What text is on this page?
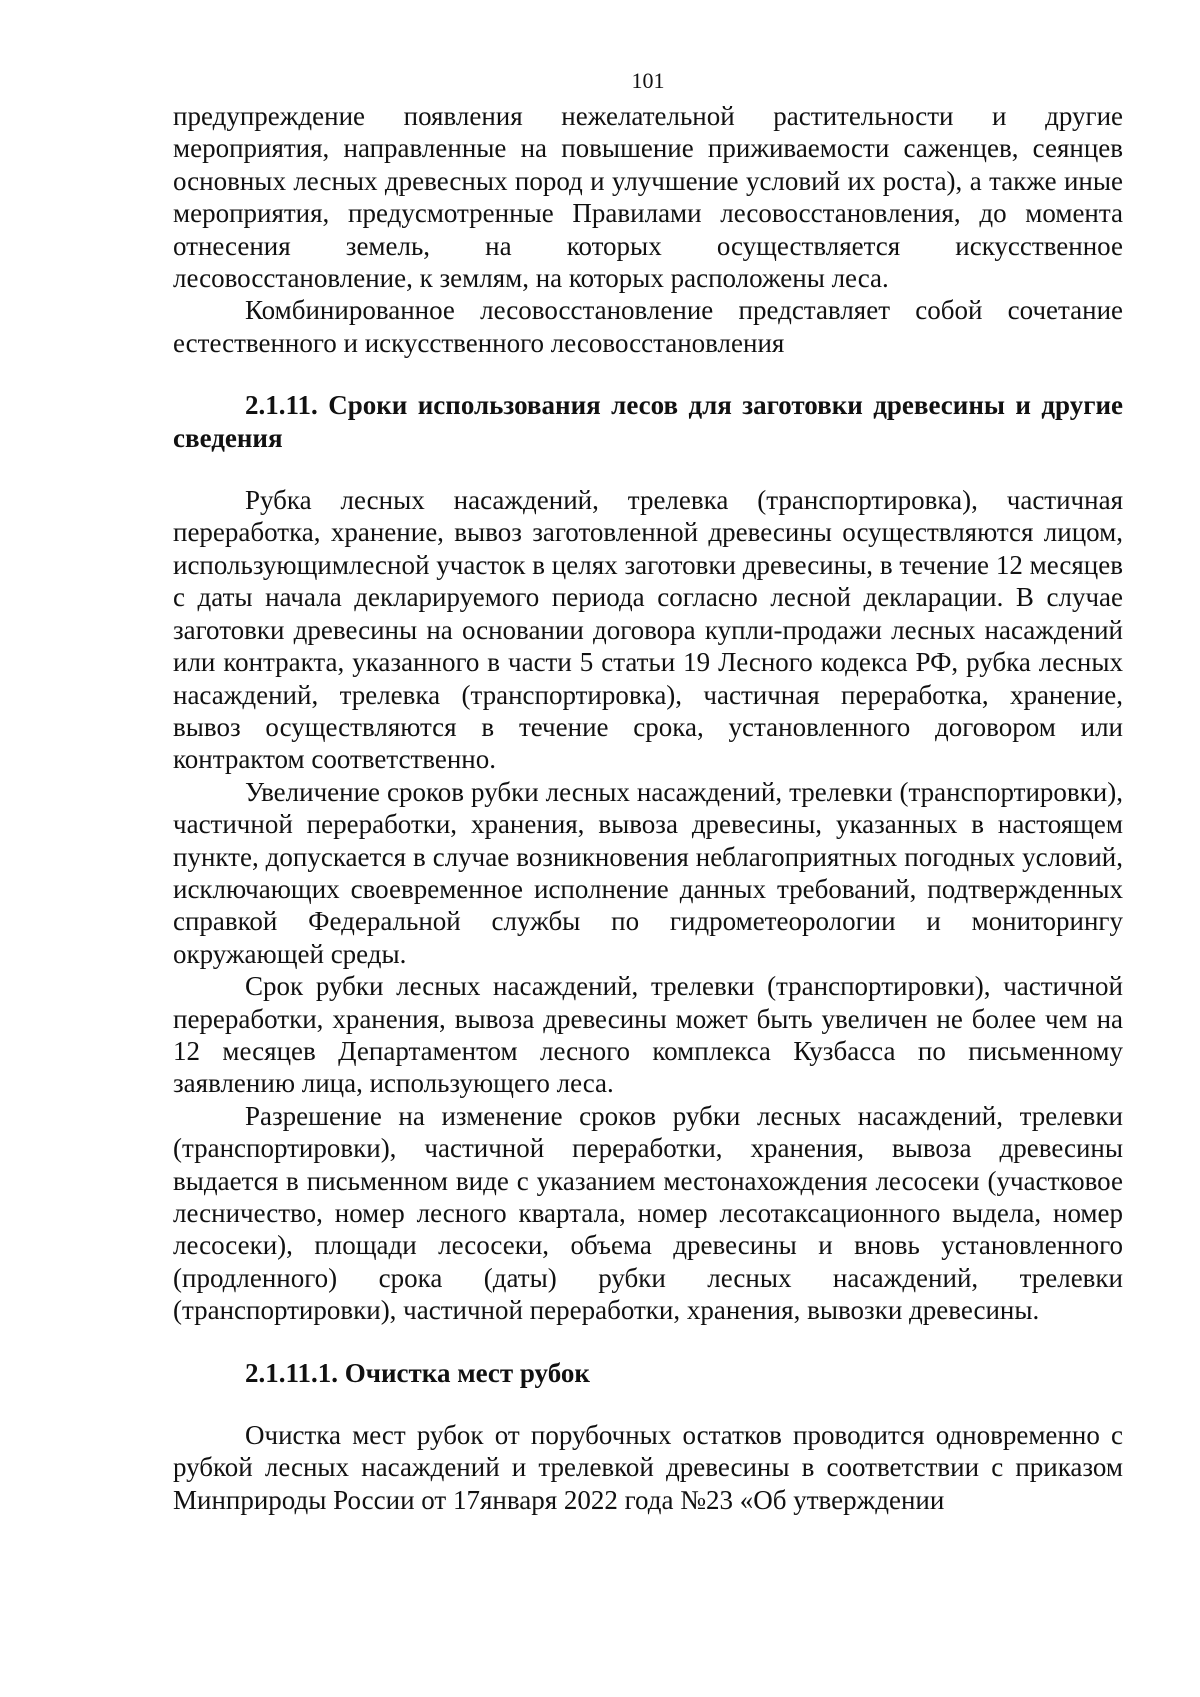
101

предупреждение появления нежелательной растительности и другие мероприятия, направленные на повышение приживаемости саженцев, сеянцев основных лесных древесных пород и улучшение условий их роста), а также иные мероприятия, предусмотренные Правилами лесовосстановления, до момента отнесения земель, на которых осуществляется искусственное лесовосстановление, к землям, на которых расположены леса.

Комбинированное лесовосстановление представляет собой сочетание естественного и искусственного лесовосстановления

2.1.11. Сроки использования лесов для заготовки древесины и другие сведения

Рубка лесных насаждений, трелевка (транспортировка), частичная переработка, хранение, вывоз заготовленной древесины осуществляются лицом, использующимлесной участок в целях заготовки древесины, в течение 12 месяцев с даты начала декларируемого периода согласно лесной декларации. В случае заготовки древесины на основании договора купли-продажи лесных насаждений или контракта, указанного в части 5 статьи 19 Лесного кодекса РФ, рубка лесных насаждений, трелевка (транспортировка), частичная переработка, хранение, вывоз осуществляются в течение срока, установленного договором или контрактом соответственно.

Увеличение сроков рубки лесных насаждений, трелевки (транспортировки), частичной переработки, хранения, вывоза древесины, указанных в настоящем пункте, допускается в случае возникновения неблагоприятных погодных условий, исключающих своевременное исполнение данных требований, подтвержденных справкой Федеральной службы по гидрометеорологии и мониторингу окружающей среды.

Срок рубки лесных насаждений, трелевки (транспортировки), частичной переработки, хранения, вывоза древесины может быть увеличен не более чем на 12 месяцев Департаментом лесного комплекса Кузбасса по письменному заявлению лица, использующего леса.

Разрешение на изменение сроков рубки лесных насаждений, трелевки (транспортировки), частичной переработки, хранения, вывоза древесины выдается в письменном виде с указанием местонахождения лесосеки (участковое лесничество, номер лесного квартала, номер лесотаксационного выдела, номер лесосеки), площади лесосеки, объема древесины и вновь установленного (продленного) срока (даты) рубки лесных насаждений, трелевки (транспортировки), частичной переработки, хранения, вывозки древесины.

2.1.11.1. Очистка мест рубок

Очистка мест рубок от порубочных остатков проводится одновременно с рубкой лесных насаждений и трелевкой древесины в соответствии с приказом Минприроды России от 17января 2022 года №23 «Об утверждении
